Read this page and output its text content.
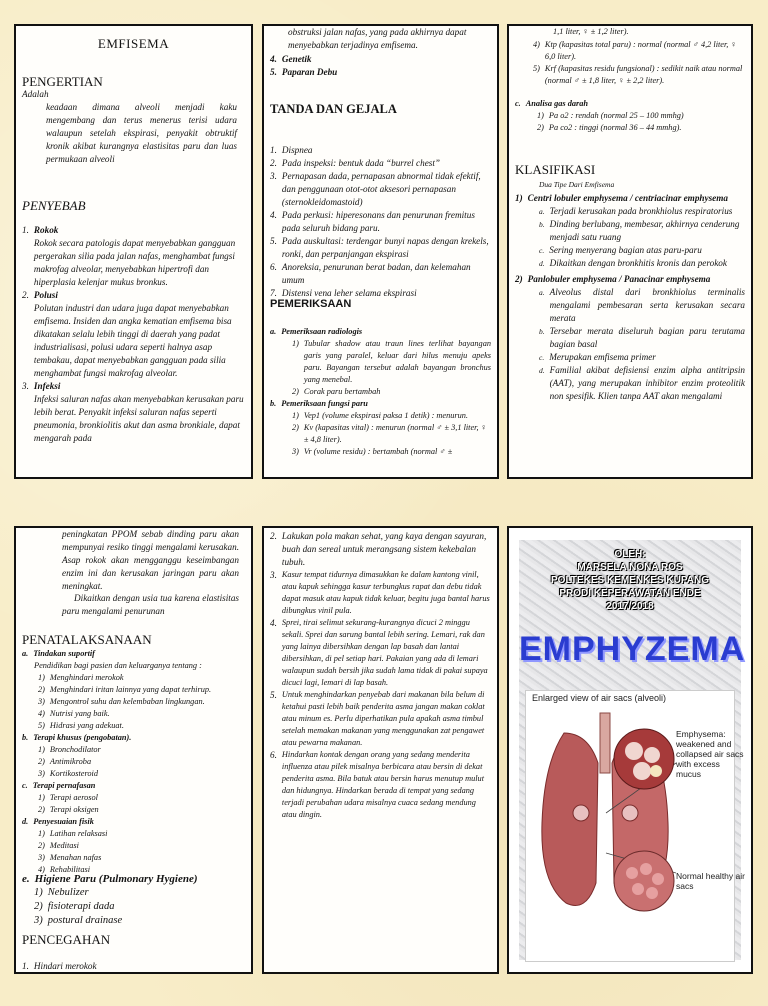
EMFISEMA
PENGERTIAN
Adalah

keadaan dimana alveoli menjadi kaku mengembang dan terus menerus terisi udara walaupun setelah ekspirasi, penyakit obtruktif kronik akibat kurangnya elastisitas paru dan luas permukaan alveoli

PENYEBAB
1. Rokok

Rokok secara patologis dapat menyebabkan gangguan pergerakan silia pada jalan nafas, menghambat fungsi makrofag alveolar, menyebabkan hipertrofi dan hiperplasia kelenjar mukus bronkus.

2. Polusi

Polutan industri dan udara juga dapat menyebabkan emfisema. Insiden dan angka kematian emfisema bisa dikatakan selalu lebih tinggi di daerah yang padat industrialisasi, polusi udara seperti halnya asap tembakau, dapat menyebabkan gangguan pada silia menghambat fungsi makrofag alveolar.

3. Infeksi

Infeksi saluran nafas akan menyebabkan kerusakan paru lebih berat. Penyakit infeksi saluran nafas seperti pneumonia, bronkiolitis akut dan asma bronkiale, dapat mengarah pada

obstruksi jalan nafas, yang pada akhirnya dapat menyebabkan terjadinya emfisema.

4. Genetik
5. Paparan Debu
TANDA DAN GEJALA
1. Dispnea
2. Pada inspeksi: bentuk dada “burrel chest”
3. Pernapasan dada, pernapasan abnormal tidak efektif, dan penggunaan otot-otot aksesori pernapasan (sternokleidomastoid)
4. Pada perkusi: hiperesonans dan penurunan fremitus pada seluruh bidang paru.
5. Pada auskultasi: terdengar bunyi napas dengan krekels, ronki, dan perpanjangan ekspirasi
6. Anoreksia, penurunan berat badan, dan kelemahan umum
7. Distensi vena leher selama ekspirasi
PEMERIKSAAN
a. Pemeriksaan radiologis
1) Tubular shadow atau traun lines terlihat bayangan garis yang paralel, keluar dari hilus menuju apeks paru. Bayangan tersebut adalah bayangan bronchus yang menebal.
2) Corak paru bertambah
b. Pemeriksaan fungsi paru
1) Vep1 (volume ekspirasi paksa 1 detik) : menurun.
2) Kv (kapasitas vital) : menurun (normal ♂ ± 3,1 liter, ♀ ± 4,8 liter).
3) Vr (volume residu) : bertambah (normal ♂ ±

1,1 liter, ♀ ± 1,2 liter).

4) Ktp (kapasitas total paru) : normal (normal ♂ 4,2 liter, ♀ 6,0 liter).
5) Krf (kapasitas residu fungsional) : sedikit naik atau normal (normal ♂ ± 1,8 liter, ♀ ± 2,2 liter).
c. Analisa gas darah
1) Pa o2 : rendah (normal 25 – 100 mmhg)
2) Pa co2 : tinggi (normal 36 – 44 mmhg).
KLASIFIKASI
Dua Tipe Dari Emfisema
1) Centri lobuler emphysema / centriacinar emphysema
a. Terjadi kerusakan pada bronkhiolus respiratorius
b. Dinding berlubang, membesar, akhirnya cenderung menjadi satu ruang
c. Sering menyerang bagian atas paru-paru
d. Dikaitkan dengan bronkhitis kronis dan perokok
2) Panlobuler emphysema / Panacinar emphysema
a. Alveolus distal dari bronkhiolus terminalis mengalami pembesaran serta kerusakan secara merata
b. Tersebar merata diseluruh bagian paru terutama bagian basal
c. Merupakan emfisema primer
d. Familial akibat defisiensi enzim alpha antitripsin (AAT), yang merupakan inhibitor enzim proteolitik non spesifik. Klien tanpa AAT akan mengalami

peningkatan PPOM sebab dinding paru akan mempunyai resiko tinggi mengalami kerusakan. Asap rokok akan mengganggu keseimbangan enzim ini dan kerusakan jaringan paru akan meningkat.

Dikaitkan dengan usia tua karena elastisitas paru mengalami penurunan

PENATALAKSANAAN
a. Tindakan suportif
Pendidikan bagi pasien dan keluarganya tentang :
1) Menghindari merokok
2) Menghindari iritan lainnya yang dapat terhirup.
3) Mengontrol suhu dan kelembaban lingkungan.
4) Nutrisi yang baik.
5) Hidrasi yang adekuat.
b. Terapi khusus (pengobatan).
1) Bronchodilator
2) Antimikroba
3) Kortikosteroid
c. Terapi pernafasan
1) Terapi aerosol
2) Terapi oksigen
d. Penyesuaian fisik
1) Latihan relaksasi
2) Meditasi
3) Menahan nafas
4) Rehabilitasi
e. Higiene Paru (Pulmonary Hygiene)
1) Nebulizer
2) fisioterapi dada
3) postural drainase
PENCEGAHAN
1. Hindari merokok
2. Lakukan pola makan sehat, yang kaya dengan sayuran, buah dan sereal untuk merangsang sistem kekebalan tubuh.
3. Kasur tempat tidurnya dimasukkan ke dalam kantong vinil, atau kapuk sehingga kasur terbungkus rapat dan debu tidak dapat masuk atau kapuk tidak keluar, begitu juga bantal harus dibungkus vinil pula.
4. Sprei, tirai selimut sekurang-kurangnya dicuci 2 minggu sekali. Sprei dan sarung bantal lebih sering. Lemari, rak dan yang lainya dibersihkan dengan lap basah dan lantai dibersihkan, di pel setiap hari. Pakaian yang ada di lemari walaupun sudah bersih jika sudah lama tidak di pakai supaya dicuci lagi, lemari di lap basah.
5. Untuk menghindarkan penyebab dari makanan bila belum di ketahui pasti lebih baik penderita asma jangan makan coklat atau minum es. Perlu diperhatikan pula apakah asma timbul setelah memakan makanan yang menggunakan zat pengawet atau pewarna makanan.
6. Hindarkan kontak dengan orang yang sedang menderita influenza atau pilek misalnya berbicara atau bersin di dekat penderita asma. Bila batuk atau bersin harus menutup mulut dan hidungnya. Hindarkan berada di tempat yang sedang terjadi perubahan udara misalnya cuaca sedang mendung atau dingin.
OLEH:
MARSELA NONA ROS
POLTEKES KEMENKES KUPANG
PRODI KEPERAWATAN ENDE
2017/2018
EMPHYZEMA
Enlarged view of air sacs (alveoli)
Emphysema: weakened and collapsed air sacs with excess mucus
Normal healthy air sacs
